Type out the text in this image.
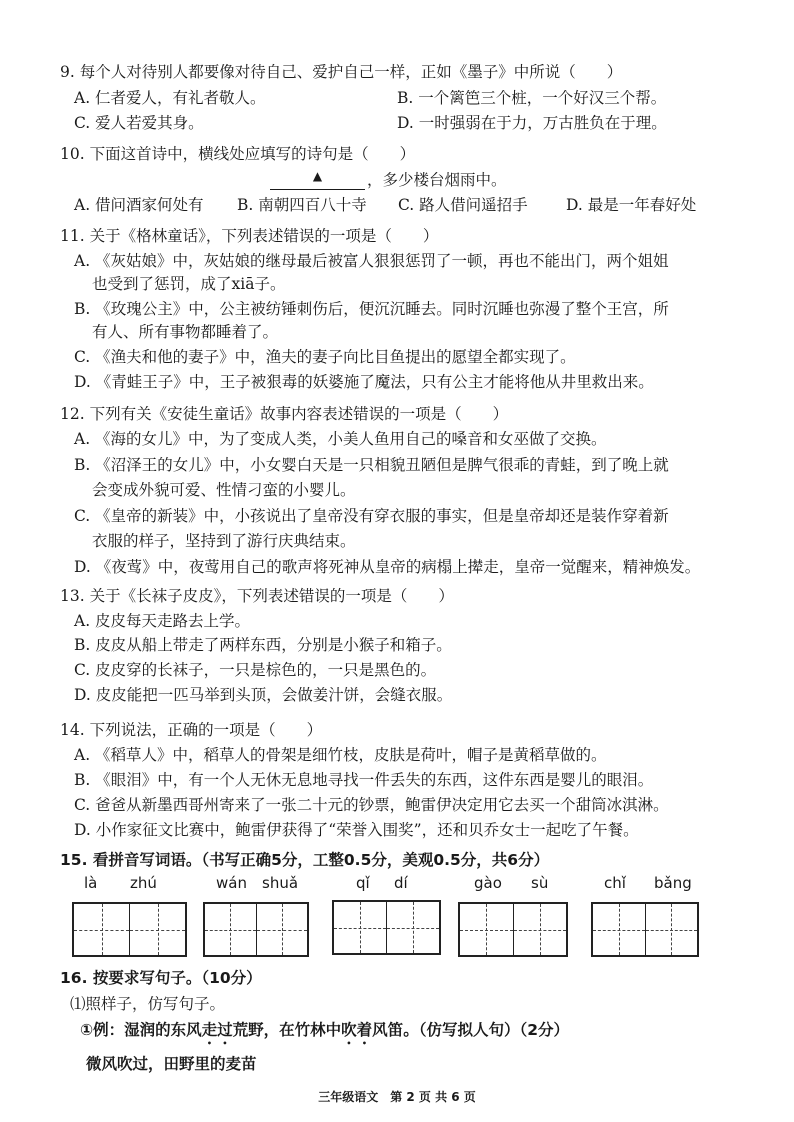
9. 每个人对待别人都要像对待自己、爱护自己一样，正如《墨子》中所说（　　）
A. 仁者爱人，有礼者敬人。	B. 一个篱笆三个桩，一个好汉三个帮。
C. 爱人若爱其身。	D. 一时强弱在于力，万古胜负在于理。
10. 下面这首诗中，横线处应填写的诗句是（　　）
▲	，多少楼台烟雨中。
A. 借问酒家何处有 B. 南朝四百八十寺 C. 路人借问遥招手 D. 最是一年春好处
11. 关于《格林童话》，下列表述错误的一项是（　　）
A. 《灰姑娘》中，灰姑娘的继母最后被富人狠狠惩罚了一顿，再也不能出门，两个姐姐
也受到了惩罚，成了xiā子。
B. 《玫瑰公主》中，公主被纺锤刺伤后，便沉沉睡去。同时沉睡也弥漫了整个王宫，所
有人、所有事物都睡着了。
C. 《渔夫和他的妻子》中，渔夫的妻子向比目鱼提出的愿望全都实现了。
D. 《青蛙王子》中，王子被狠毒的妖婆施了魔法，只有公主才能将他从井里救出来。
12. 下列有关《安徒生童话》故事内容表述错误的一项是（　　）
A. 《海的女儿》中，为了变成人类，小美人鱼用自己的嗓音和女巫做了交换。
B. 《沼泽王的女儿》中，小女婴白天是一只相貌丑陋但是脾气很乖的青蛙，到了晚上就
会变成外貌可爱、性情刁蛮的小婴儿。
C. 《皇帝的新装》中，小孩说出了皇帝没有穿衣服的事实，但是皇帝却还是装作穿着新
衣服的样子，坚持到了游行庆典结束。
D. 《夜莺》中，夜莺用自己的歌声将死神从皇帝的病榻上撵走，皇帝一觉醒来，精神焕发。
13. 关于《长袜子皮皮》，下列表述错误的一项是（　　）
A. 皮皮每天走路去上学。
B. 皮皮从船上带走了两样东西，分别是小猴子和箱子。
C. 皮皮穿的长袜子，一只是棕色的，一只是黑色的。
D. 皮皮能把一匹马举到头顶，会做姜汁饼，会缝衣服。
14. 下列说法，正确的一项是（　　）
A. 《稻草人》中，稻草人的骨架是细竹枝，皮肤是荷叶，帽子是黄稻草做的。
B. 《眼泪》中，有一个人无休无息地寻找一件丢失的东西，这件东西是婴儿的眼泪。
C. 爸爸从新墨西哥州寄来了一张二十元的钞票，鲍雷伊决定用它去买一个甜筒冰淇淋。
D. 小作家征文比赛中，鲍雷伊获得了“荣誉入围奖”，还和贝乔女士一起吃了午餐。
15. 看拼音写词语。（书写正确5分，工整0.5分，美观0.5分，共6分）
là zhú	wán shuǎ	qǐ dí	gào sù	chǐ bǎng
16. 按要求写句子。（10分）
⑴照样子，仿写句子。
①例：湿润的东风走过荒野，在竹林中吹着风笛。（仿写拟人句）（2分）
微风吹过，田野里的麦苗
三年级语文　第 2 页 共 6 页
